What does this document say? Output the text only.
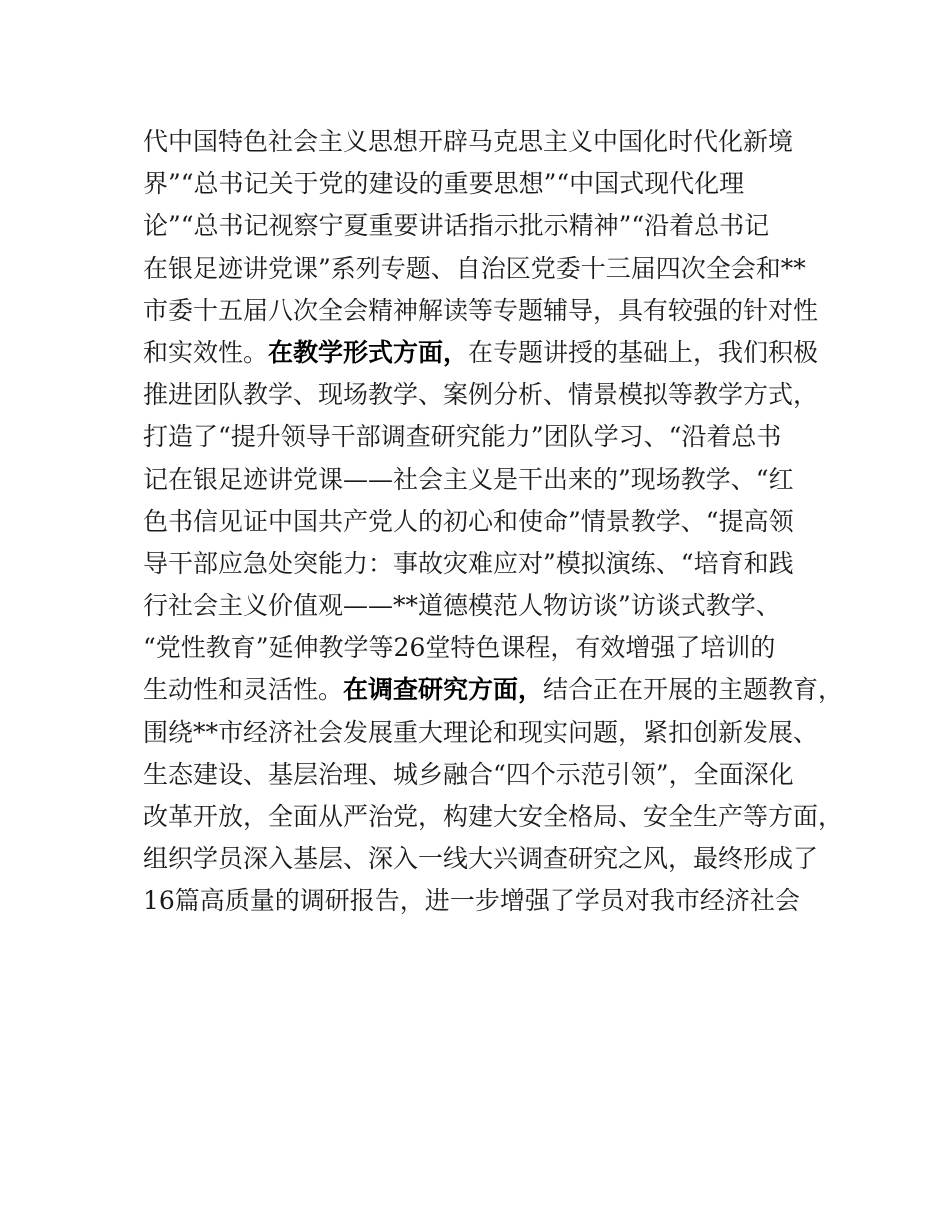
代中国特色社会主义思想开辟马克思主义中国化时代化新境
界”“总书记关于党的建设的重要思想”“中国式现代化理
论”“总书记视察宁夏重要讲话指示批示精神”“沿着总书记
在银足迹讲党课”系列专题、自治区党委十三届四次全会和**
市委十五届八次全会精神解读等专题辅导，具有较强的针对性
和实效性。在教学形式方面，在专题讲授的基础上，我们积极
推进团队教学、现场教学、案例分析、情景模拟等教学方式，
打造了“提升领导干部调查研究能力”团队学习、“沿着总书
记在银足迹讲党课——社会主义是干出来的”现场教学、“红
色书信见证中国共产党人的初心和使命”情景教学、“提高领
导干部应急处突能力：事故灾难应对”模拟演练、“培育和践
行社会主义价值观——**道德模范人物访谈”访谈式教学、
“党性教育”延伸教学等26堂特色课程，有效增强了培训的
生动性和灵活性。在调查研究方面，结合正在开展的主题教育，
围绕**市经济社会发展重大理论和现实问题，紧扣创新发展、
生态建设、基层治理、城乡融合“四个示范引领”，全面深化
改革开放，全面从严治党，构建大安全格局、安全生产等方面，
组织学员深入基层、深入一线大兴调查研究之风，最终形成了
16篇高质量的调研报告，进一步增强了学员对我市经济社会
